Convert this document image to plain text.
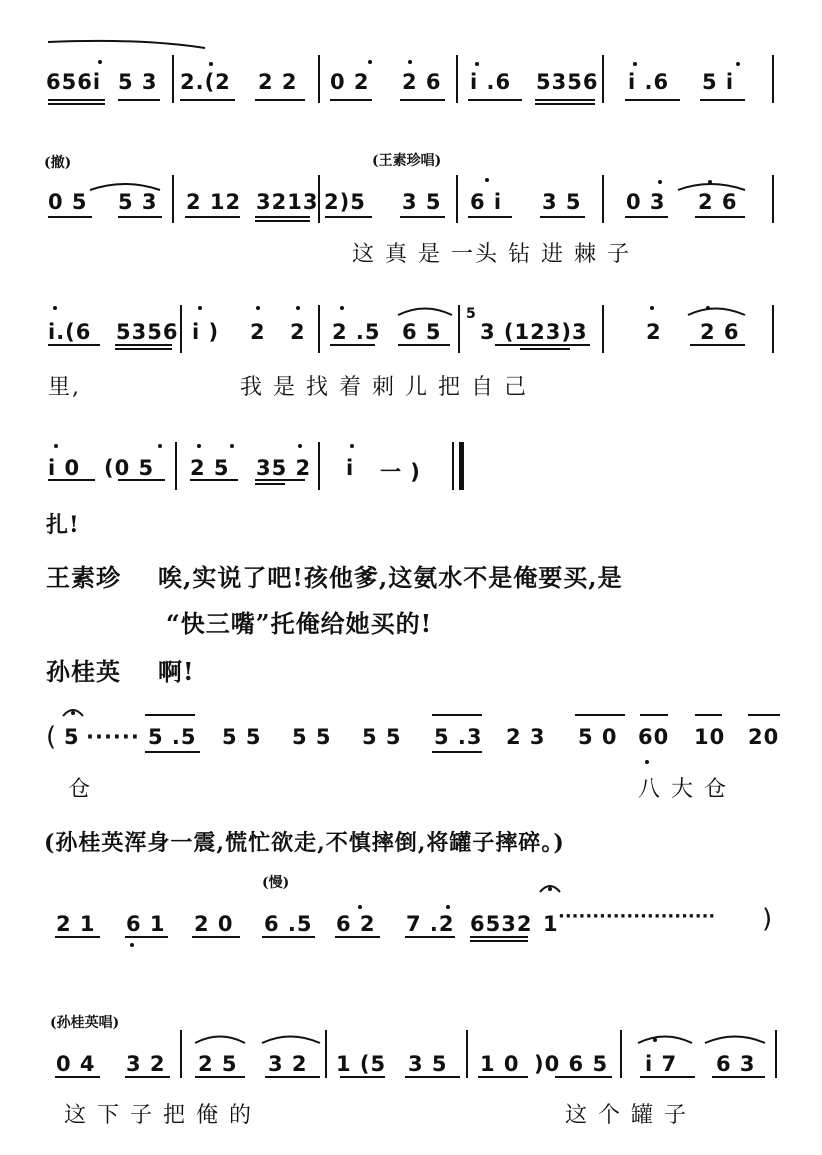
656i 5 3 2.(2 2 2 0 2 2 6 i .6 5356 i .6 5 i
(撤)	(王素珍唱)
0 5 5 3 2 12 3213 2)5 3 5 6 i 3 5 0 3 2 6
这 真 是 一头 钻 进 棘 子
i.(6 5356 i ) 2 2 2 .5 6 5
5
3 (123)3	2 2 6
里,	我 是 找 着 刺 儿 把 自 己
i 0 (0 5 2 5 35 2 i 一 )
扎!
王素珍 唉,实说了吧!孩他爹,这氨水不是俺要买,是
“快三嘴”托俺给她买的!
孙桂英 啊!
( 5 ······ 5 .5 5 5 5 5 5 5 5 .3 2 3 5 0 60 10 20
仓	八 大 仓
(孙桂英浑身一震,慌忙欲走,不慎摔倒,将罐子摔碎。)
(慢)
2 1 6 1 2 0 6 .5 6 2 7 .2 6532 1 ······················· )
(孙桂英唱)
0 4 3 2 2 5 3 2 1 (5 3 5 1 0 )0 6 5 i 7 6 3
这 下 子 把 俺 的	这 个 罐 子
